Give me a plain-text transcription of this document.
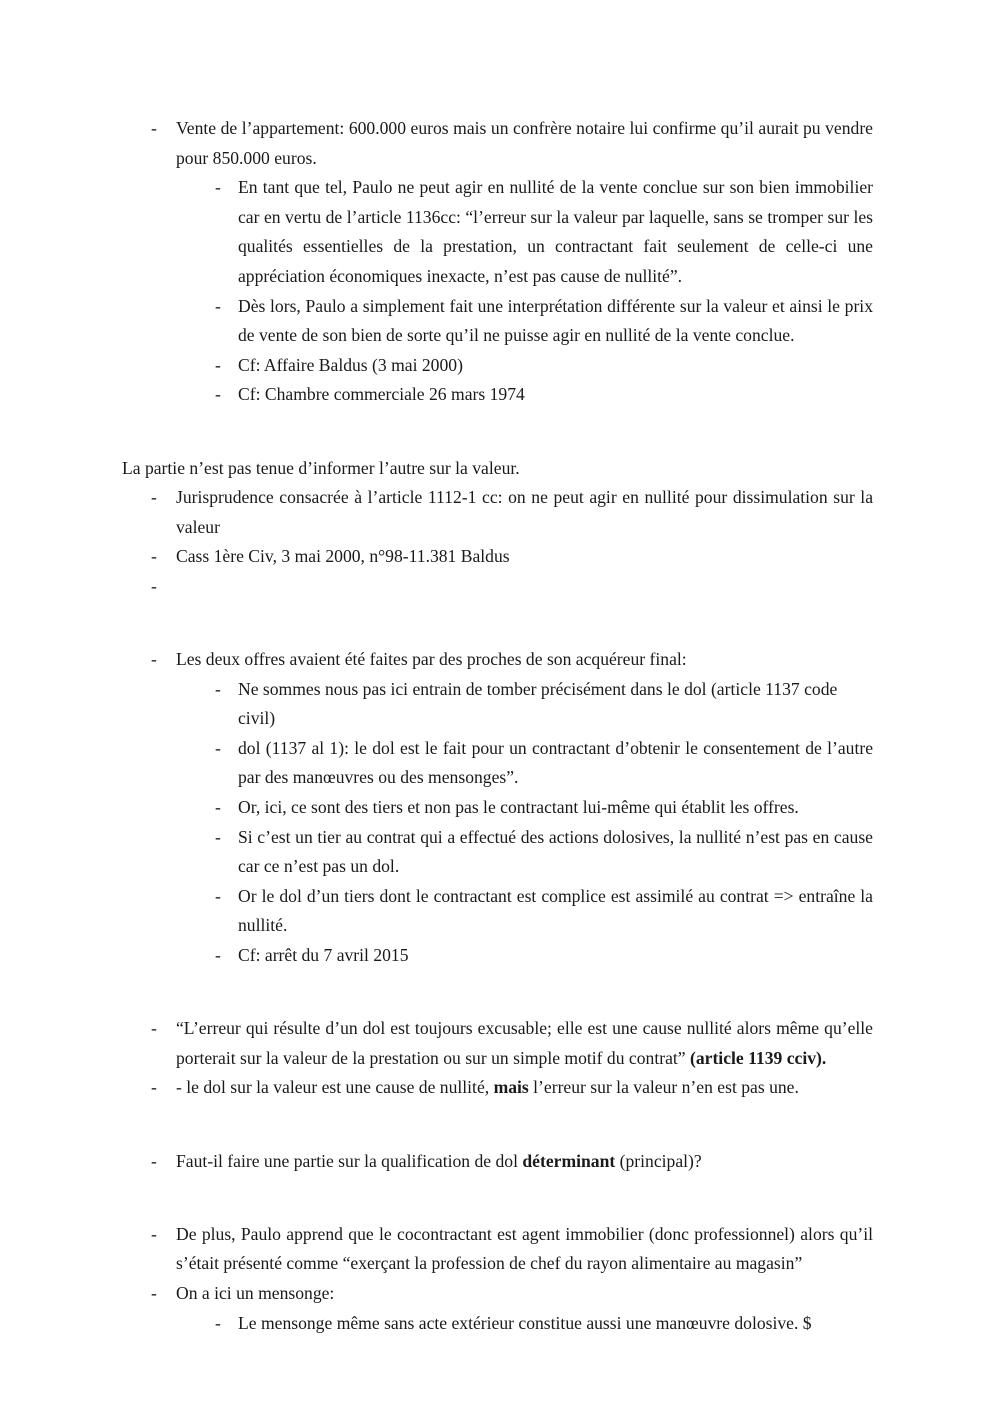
- Vente de l’appartement: 600.000 euros mais un confrère notaire lui confirme qu’il aurait pu vendre pour 850.000 euros.
- En tant que tel, Paulo ne peut agir en nullité de la vente conclue sur son bien immobilier car en vertu de l’article 1136cc: “l’erreur sur la valeur par laquelle, sans se tromper sur les qualités essentielles de la prestation, un contractant fait seulement de celle-ci une appréciation économiques inexacte, n’est pas cause de nullité”.
- Dès lors, Paulo a simplement fait une interprétation différente sur la valeur et ainsi le prix de vente de son bien de sorte qu’il ne puisse agir en nullité de la vente conclue.
- Cf: Affaire Baldus (3 mai 2000)
- Cf: Chambre commerciale 26 mars 1974

La partie n’est pas tenue d’informer l’autre sur la valeur.

- Jurisprudence consacrée à l’article 1112-1 cc: on ne peut agir en nullité pour dissimulation sur la valeur
- Cass 1ère Civ, 3 mai 2000, n°98-11.381 Baldus
-
- Les deux offres avaient été faites par des proches de son acquéreur final:
- Ne sommes nous pas ici entrain de tomber précisément dans le dol (article 1137 code civil)
- dol (1137 al 1): le dol est le fait pour un contractant d’obtenir le consentement de l’autre par des manœuvres ou des mensonges”.
- Or, ici, ce sont des tiers et non pas le contractant lui-même qui établit les offres.
- Si c’est un tier au contrat qui a effectué des actions dolosives, la nullité n’est pas en cause car ce n’est pas un dol.
- Or le dol d’un tiers dont le contractant est complice est assimilé au contrat => entraîne la nullité.
- Cf: arrêt du 7 avril 2015
- “L’erreur qui résulte d’un dol est toujours excusable; elle est une cause nullité alors même qu’elle porterait sur la valeur de la prestation ou sur un simple motif du contrat” (article 1139 cciv).
- - le dol sur la valeur est une cause de nullité, mais l’erreur sur la valeur n’en est pas une.
- Faut-il faire une partie sur la qualification de dol déterminant (principal)?
- De plus, Paulo apprend que le cocontractant est agent immobilier (donc professionnel) alors qu’il s’était présenté comme “exerçant la profession de chef du rayon alimentaire au magasin”
- On a ici un mensonge:
- Le mensonge même sans acte extérieur constitue aussi une manœuvre dolosive. $
